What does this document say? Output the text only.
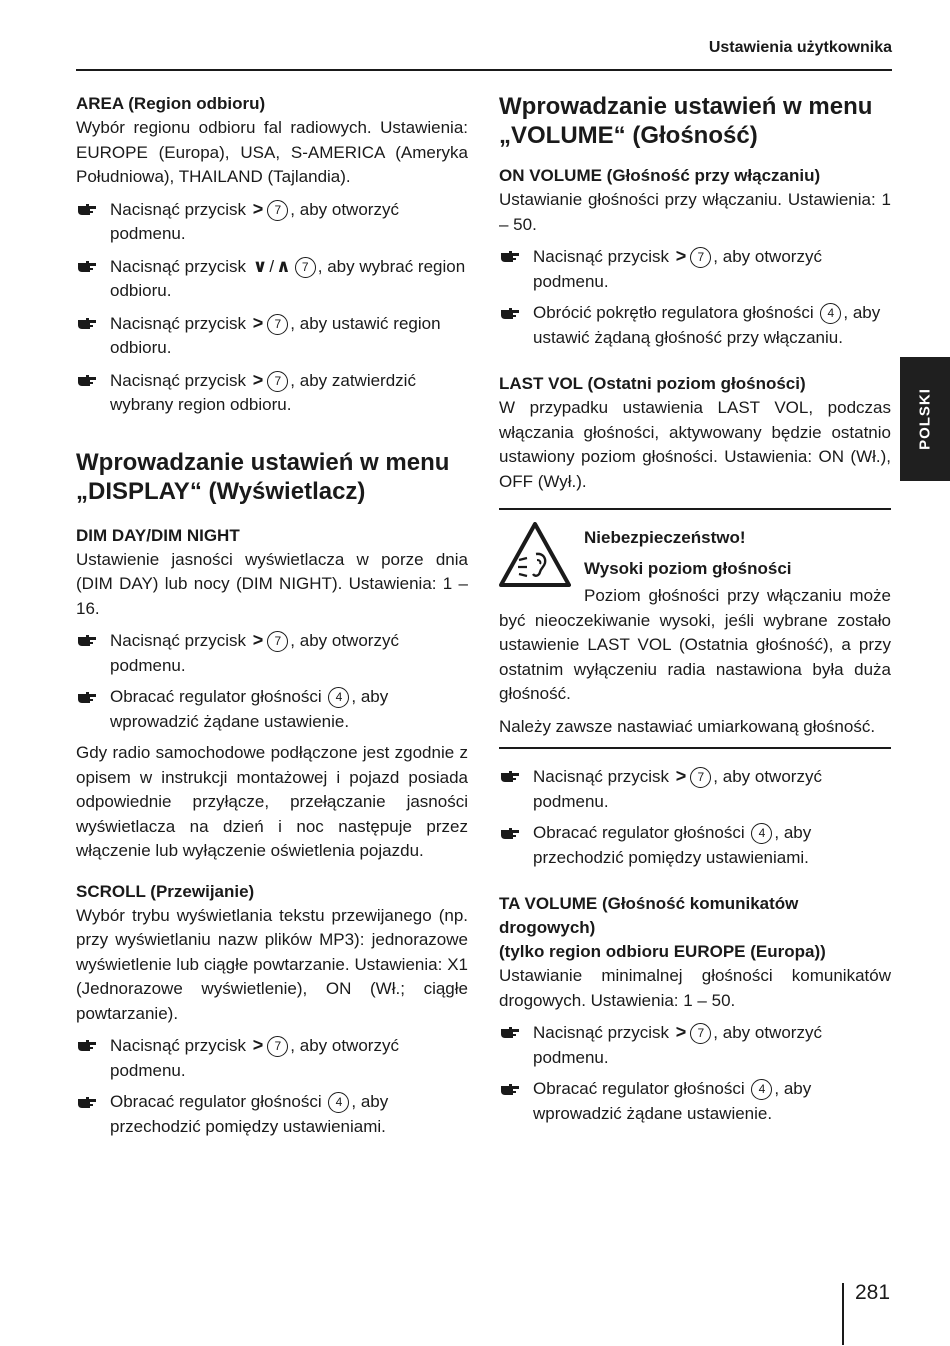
Ustawienia użytkownika
POLSKI
AREA (Region odbioru)

Wybór regionu odbioru fal radiowych. Ustawienia: EUROPE (Europa), USA, S-AMERICA (Ameryka Południowa), THAILAND (Tajlandia).

Nacisnąć przycisk > 7 , aby otworzyć podmenu.
Nacisnąć przycisk ∨ / ∧ 7 , aby wybrać region odbioru.
Nacisnąć przycisk > 7 , aby ustawić region odbioru.
Nacisnąć przycisk > 7 , aby zatwierdzić wybrany region odbioru.
Wprowadzanie ustawień w menu „DISPLAY“ (Wyświetlacz)
DIM DAY/DIM NIGHT

Ustawienie jasności wyświetlacza w porze dnia (DIM DAY) lub nocy (DIM NIGHT). Ustawienia: 1 – 16.

Nacisnąć przycisk > 7 , aby otworzyć podmenu.
Obracać regulator głośności 4 , aby wprowadzić żądane ustawienie.

Gdy radio samochodowe podłączone jest zgodnie z opisem w instrukcji montażowej i pojazd posiada odpowiednie przyłącze, przełączanie jasności wyświetlacza na dzień i noc następuje przez włączenie lub wyłączenie oświetlenia pojazdu.

SCROLL (Przewijanie)

Wybór trybu wyświetlania tekstu przewijanego (np. przy wyświetlaniu nazw plików MP3): jednorazowe wyświetlenie lub ciągłe powtarzanie. Ustawienia: X1 (Jednorazowe wyświetlenie), ON (Wł.; ciągłe powtarzanie).

Nacisnąć przycisk > 7 , aby otworzyć podmenu.
Obracać regulator głośności 4 , aby przechodzić pomiędzy ustawieniami.
Wprowadzanie ustawień w menu „VOLUME“ (Głośność)
ON VOLUME (Głośność przy włączaniu)

Ustawianie głośności przy włączaniu. Ustawienia: 1 – 50.

Nacisnąć przycisk > 7 , aby otworzyć podmenu.
Obrócić pokrętło regulatora głośności 4 , aby ustawić żądaną głośność przy włączaniu.
LAST VOL (Ostatni poziom głośności)

W przypadku ustawienia LAST VOL, podczas włączania głośności, aktywowany będzie ostatnio ustawiony poziom głośności. Ustawienia: ON (Wł.), OFF (Wył.).

Niebezpieczeństwo!
Wysoki poziom głośności

Poziom głośności przy włączaniu może być nieoczekiwanie wysoki, jeśli wybrane zostało ustawienie LAST VOL (Ostatnia głośność), a przy ostatnim wyłączeniu radia nastawiona była duża głośność.

Należy zawsze nastawiać umiarkowaną głośność.

Nacisnąć przycisk > 7 , aby otworzyć podmenu.
Obracać regulator głośności 4 , aby przechodzić pomiędzy ustawieniami.
TA VOLUME (Głośność komunikatów drogowych)
(tylko region odbioru EUROPE (Europa))

Ustawianie minimalnej głośności komunikatów drogowych. Ustawienia: 1 – 50.

Nacisnąć przycisk > 7 , aby otworzyć podmenu.
Obracać regulator głośności 4 , aby wprowadzić żądane ustawienie.
281
